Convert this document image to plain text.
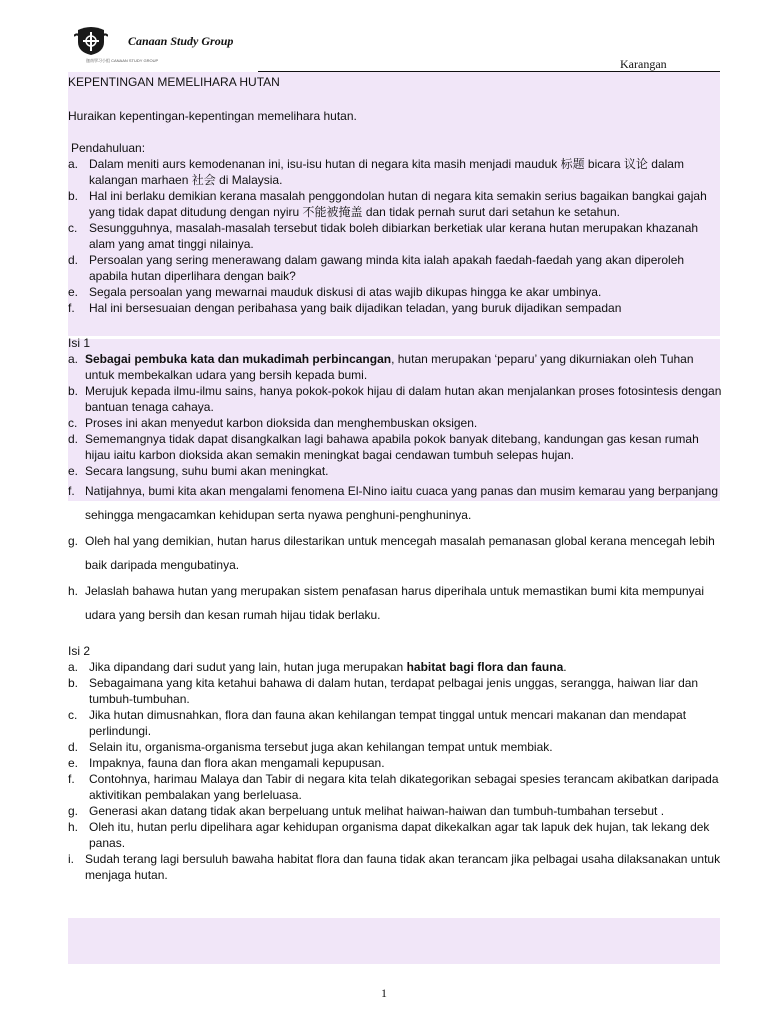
Canaan Study Group
迦南學习小组 CANAAN STUDY GROUP	Karangan
KEPENTINGAN MEMELIHARA HUTAN

Huraikan kepentingan-kepentingan memelihara hutan.

Pendahuluan:

a. Dalam meniti aurs kemodenanan ini, isu-isu hutan di negara kita masih menjadi mauduk 标题 bicara 议论 dalam kalangan marhaen 社会 di Malaysia.
b. Hal ini berlaku demikian kerana masalah penggondolan hutan di negara kita semakin serius bagaikan bangkai gajah yang tidak dapat ditudung dengan nyiru 不能被掩盖 dan tidak pernah surut dari setahun ke setahun.
c. Sesungguhnya, masalah-masalah tersebut tidak boleh dibiarkan berketiak ular kerana hutan merupakan khazanah alam yang amat tinggi nilainya.
d. Persoalan yang sering menerawang dalam gawang minda kita ialah apakah faedah-faedah yang akan diperoleh apabila hutan diperlihara dengan baik?
e. Segala persoalan yang mewarnai mauduk diskusi di atas wajib dikupas hingga ke akar umbinya.
f.	Hal ini bersesuaian dengan peribahasa yang baik dijadikan teladan, yang buruk dijadikan sempadan

Isi 1

a. Sebagai pembuka kata dan mukadimah perbincangan, hutan merupakan ‘peparu’ yang dikurniakan oleh Tuhan untuk membekalkan udara yang bersih kepada bumi.
b. Merujuk kepada ilmu-ilmu sains, hanya pokok-pokok hijau di dalam hutan akan menjalankan proses fotosintesis dengan bantuan tenaga cahaya.
c. Proses ini akan menyedut karbon dioksida dan menghembuskan oksigen.
d. Sememangnya tidak dapat disangkalkan lagi bahawa apabila pokok banyak ditebang, kandungan gas kesan rumah hijau iaitu karbon dioksida akan semakin meningkat bagai cendawan tumbuh selepas hujan.
e. Secara langsung, suhu bumi akan meningkat.
f. Natijahnya, bumi kita akan mengalami fenomena El-Nino iaitu cuaca yang panas dan musim kemarau yang berpanjang sehingga mengacamkan kehidupan serta nyawa penghuni-penghuninya.
g. Oleh hal yang demikian, hutan harus dilestarikan untuk mencegah masalah pemanasan global kerana mencegah lebih baik daripada mengubatinya.
h. Jelaslah bahawa hutan yang merupakan sistem penafasan harus diperihala untuk memastikan bumi kita mempunyai udara yang bersih dan kesan rumah hijau tidak berlaku.

Isi 2

a. Jika dipandang dari sudut yang lain, hutan juga merupakan habitat bagi flora dan fauna.
b. Sebagaimana yang kita ketahui bahawa di dalam hutan, terdapat pelbagai jenis unggas, serangga, haiwan liar dan tumbuh-tumbuhan.
c. Jika hutan dimusnahkan, flora dan fauna akan kehilangan tempat tinggal untuk mencari makanan dan mendapat perlindungi.
d. Selain itu, organisma-organisma tersebut juga akan kehilangan tempat untuk membiak.
e. Impaknya, fauna dan flora akan mengamali kepupusan.
f.	Contohnya, harimau Malaya dan Tabir di negara kita telah dikategorikan sebagai spesies terancam akibatkan daripada aktivitikan pembalakan yang berleluasa.
g. Generasi akan datang tidak akan berpeluang untuk melihat haiwan-haiwan dan tumbuh-tumbahan tersebut .
h. Oleh itu, hutan perlu dipelihara agar kehidupan organisma dapat dikekalkan agar tak lapuk dek hujan, tak lekang dek panas.
i. Sudah terang lagi bersuluh bawaha habitat flora dan fauna tidak akan terancam jika pelbagai usaha dilaksanakan untuk menjaga hutan.
1
